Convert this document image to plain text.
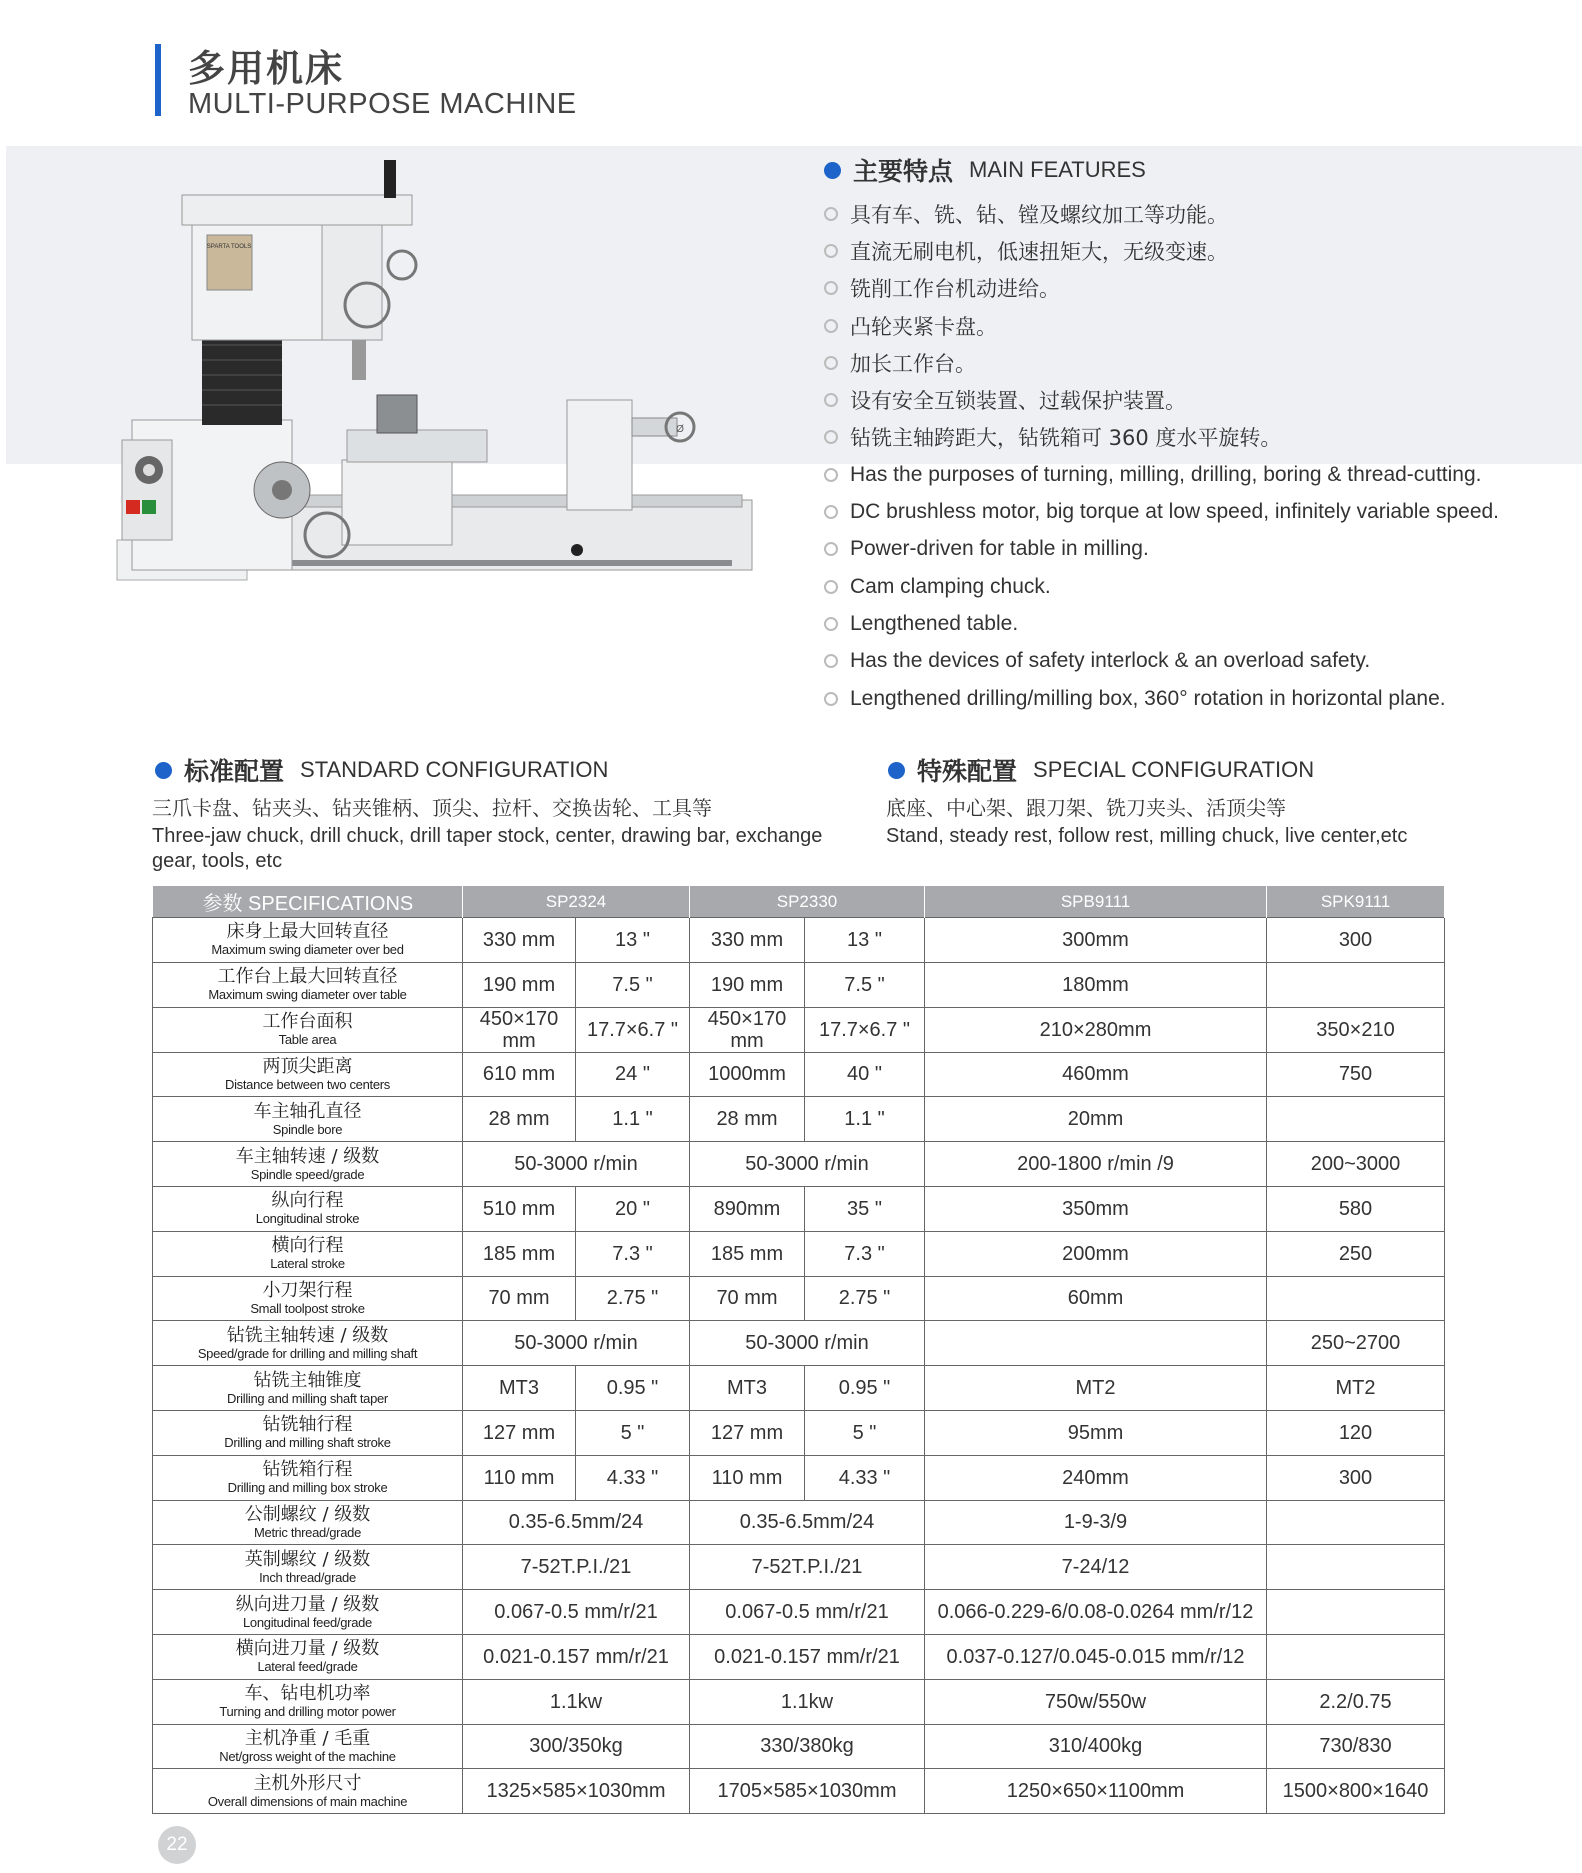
多用机床
MULTI-PURPOSE MACHINE
SPARTA TOOLS
Ø
主要特点 MAIN FEATURES
具有车、铣、钻、镗及螺纹加工等功能。
直流无刷电机，低速扭矩大，无级变速。
铣削工作台机动进给。
凸轮夹紧卡盘。
加长工作台。
设有安全互锁装置、过载保护装置。
钻铣主轴跨距大，钻铣箱可 360 度水平旋转。
Has the purposes of turning, milling, drilling, boring & thread-cutting.
DC brushless motor, big torque at low speed, infinitely variable speed.
Power-driven for table in milling.
Cam clamping chuck.
Lengthened table.
Has the devices of safety interlock & an overload safety.
Lengthened drilling/milling box, 360° rotation in horizontal plane.
标准配置 STANDARD CONFIGURATION
三爪卡盘、钻夹头、钻夹锥柄、顶尖、拉杆、交换齿轮、工具等
Three-jaw chuck, drill chuck, drill taper stock, center, drawing bar, exchange gear, tools, etc
特殊配置 SPECIAL CONFIGURATION
底座、中心架、跟刀架、铣刀夹头、活顶尖等
Stand, steady rest, follow rest, milling chuck, live center,etc
参数 SPECIFICATIONS	SP2324		SP2330		SPB9111	SPK9111

床身上最大回转直径
Maximum swing diameter over bed	330 mm	13 "	330 mm	13 "	300mm	300

工作台上最大回转直径
Maximum swing diameter over table	190 mm	7.5 "	190 mm	7.5 "	180mm	

工作台面积
Table area	450×170 mm	17.7×6.7 "	450×170 mm	17.7×6.7 "	210×280mm	350×210

两顶尖距离
Distance between two centers	610 mm	24 "	1000mm	40 "	460mm	750

车主轴孔直径
Spindle bore	28 mm	1.1 "	28 mm	1.1 "	20mm	

车主轴转速 / 级数
Spindle speed/grade	50-3000 r/min		50-3000 r/min		200-1800 r/min /9	200~3000

纵向行程
Longitudinal stroke	510 mm	20 "	890mm	35 "	350mm	580

横向行程
Lateral stroke	185 mm	7.3 "	185 mm	7.3 "	200mm	250

小刀架行程
Small toolpost stroke	70 mm	2.75 "	70 mm	2.75 "	60mm	

钻铣主轴转速 / 级数
Speed/grade for drilling and milling shaft	50-3000 r/min		50-3000 r/min			250~2700

钻铣主轴锥度
Drilling and milling shaft taper	MT3	0.95 "	MT3	0.95 "	MT2	MT2

钻铣轴行程
Drilling and milling shaft stroke	127 mm	5 "	127 mm	5 "	95mm	120

钻铣箱行程
Drilling and milling box stroke	110 mm	4.33 "	110 mm	4.33 "	240mm	300

公制螺纹 / 级数
Metric thread/grade	0.35-6.5mm/24		0.35-6.5mm/24		1-9-3/9	

英制螺纹 / 级数
Inch thread/grade	7-52T.P.I./21		7-52T.P.I./21		7-24/12	

纵向进刀量 / 级数
Longitudinal feed/grade	0.067-0.5 mm/r/21		0.067-0.5 mm/r/21		0.066-0.229-6/0.08-0.0264 mm/r/12	

横向进刀量 / 级数
Lateral feed/grade	0.021-0.157 mm/r/21		0.021-0.157 mm/r/21		0.037-0.127/0.045-0.015 mm/r/12	

车、钻电机功率
Turning and drilling motor power	1.1kw		1.1kw		750w/550w	2.2/0.75

主机净重 / 毛重
Net/gross weight of the machine	300/350kg		330/380kg		310/400kg	730/830

主机外形尺寸
Overall dimensions of main machine	1325×585×1030mm		1705×585×1030mm		1250×650×1100mm	1500×800×1640
22
